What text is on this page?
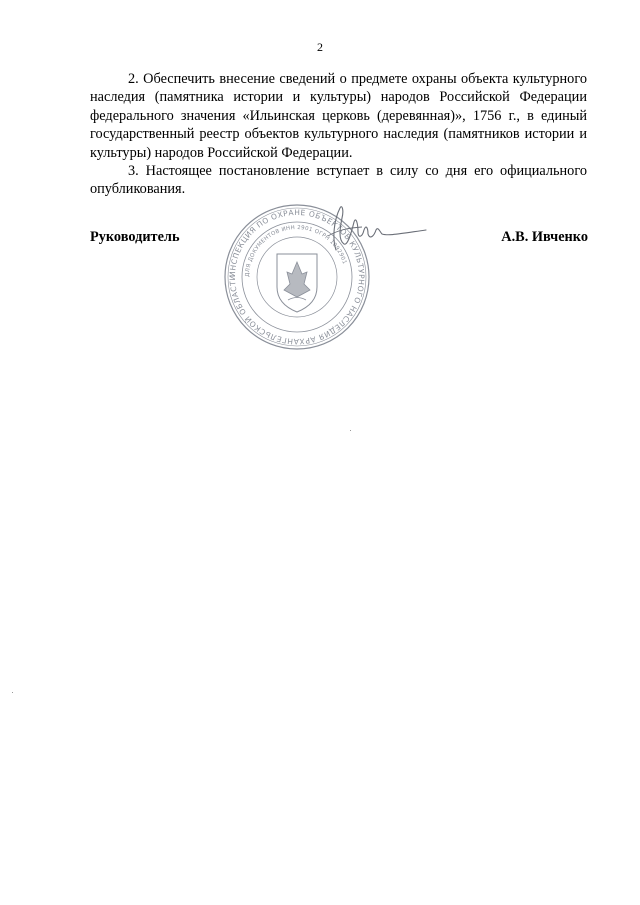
2

2. Обеспечить внесение сведений о предмете охраны объекта культурного наследия (памятника истории и культуры) народов Российской Федерации федерального значения «Ильинская церковь (деревянная)», 1756 г., в единый государственный реестр объектов культурного наследия (памятников истории и культуры) народов Российской Федерации.

3. Настоящее постановление вступает в силу со дня его официального опубликования.

Руководитель	А.В. Ивченко
ИНСПЕКЦИЯ ПО ОХРАНЕ ОБЪЕКТОВ КУЛЬТУРНОГО НАСЛЕДИЯ АРХАНГЕЛЬСКОЙ ОБЛАСТИ	ДЛЯ ДОКУМЕНТОВ ИНН 2901 ОГРН 1092901
